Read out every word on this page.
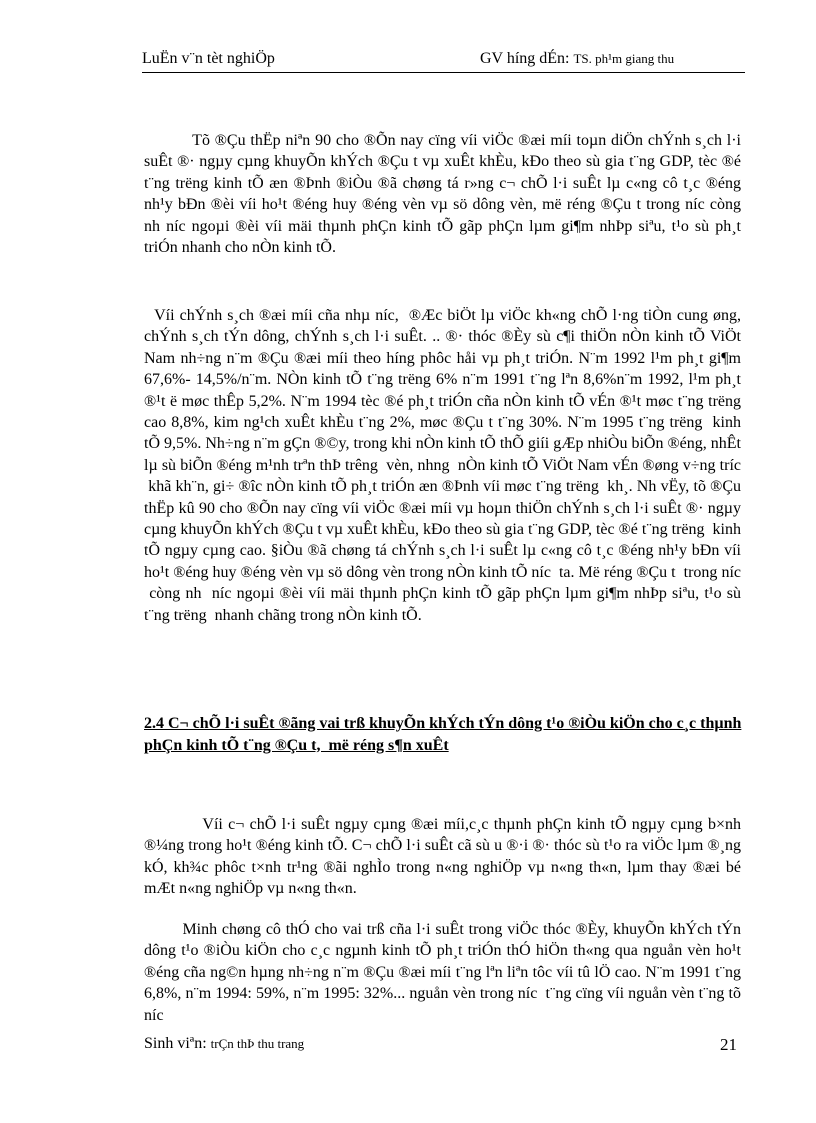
LuËn v¨n tèt nghiÖp	GV híng dÉn: TS. ph¹m giang thu

Tõ ®Çu thËp niªn 90 cho ®Õn nay cïng víi viÖc ®æi míi toµn diÖn chÝnh s¸ch l·i suÊt ®· ngµy cµng khuyÕn khÝch ®Çu t vµ xuÊt khÈu, kÐo theo sù gia t¨ng GDP, tèc ®é t¨ng trëng kinh tÕ æn ®Þnh ®iÒu ®ã chøng tá r»ng c¬ chÕ l·i suÊt lµ c«ng cô t¸c ®éng nh¹y bÐn ®èi víi ho¹t ®éng huy ®éng vèn vµ sö dông vèn, më réng ®Çu t trong níc còng nh níc ngoµi ®èi víi mäi thµnh phÇn kinh tÕ gãp phÇn lµm gi¶m nhÞp siªu, t¹o sù ph¸t triÓn nhanh cho nÒn kinh tÕ.

Víi chÝnh s¸ch ®æi míi cña nhµ níc,  ®Æc biÖt lµ viÖc kh«ng chÕ l·ng tiÒn cung øng, chÝnh s¸ch tÝn dông, chÝnh s¸ch l·i suÊt. .. ®· thóc ®Èy sù c¶i thiÖn nÒn kinh tÕ ViÖt Nam nh÷ng n¨m ®Çu ®æi míi theo híng phôc håi vµ ph¸t triÓn. N¨m 1992 l¹m ph¸t gi¶m 67,6%- 14,5%/n¨m. NÒn kinh tÕ t¨ng trëng 6% n¨m 1991 t¨ng lªn 8,6%n¨m 1992, l¹m ph¸t ®¹t ë møc thÊp 5,2%. N¨m 1994 tèc ®é ph¸t triÓn cña nÒn kinh tÕ vÉn ®¹t møc t¨ng trëng cao 8,8%, kim ng¹ch xuÊt khÈu t¨ng 2%, møc ®Çu t t¨ng 30%. N¨m 1995 t¨ng trëng  kinh tÕ 9,5%. Nh÷ng n¨m gÇn ®©y, trong khi nÒn kinh tÕ thÕ giíi gÆp nhiÒu biÕn ®éng, nhÊt lµ sù biÕn ®éng m¹nh trªn thÞ trêng  vèn, nhng  nÒn kinh tÕ ViÖt Nam vÉn ®øng v÷ng tríc  khã kh¨n, gi÷ ®îc nÒn kinh tÕ ph¸t triÓn æn ®Þnh víi møc t¨ng trëng  kh¸. Nh vËy, tõ ®Çu thËp kû 90 cho ®Õn nay cïng víi viÖc ®æi míi vµ hoµn thiÖn chÝnh s¸ch l·i suÊt ®· ngµy cµng khuyÕn khÝch ®Çu t vµ xuÊt khÈu, kÐo theo sù gia t¨ng GDP, tèc ®é t¨ng trëng  kinh tÕ ngµy cµng cao. §iÒu ®ã chøng tá chÝnh s¸ch l·i suÊt lµ c«ng cô t¸c ®éng nh¹y bÐn víi ho¹t ®éng huy ®éng vèn vµ sö dông vèn trong nÒn kinh tÕ níc  ta. Më réng ®Çu t  trong níc  còng nh  níc ngoµi ®èi víi mäi thµnh phÇn kinh tÕ gãp phÇn lµm gi¶m nhÞp siªu, t¹o sù t¨ng trëng  nhanh chãng trong nÒn kinh tÕ.

2.4 C¬ chÕ l·i suÊt ®ãng vai trß khuyÕn khÝch tÝn dông t¹o ®iÒu kiÖn cho c¸c thµnh phÇn kinh tÕ t¨ng ®Çu t,  më réng s¶n xuÊt

Víi c¬ chÕ l·i suÊt ngµy cµng ®æi míi,c¸c thµnh phÇn kinh tÕ ngµy cµng b×nh ®¼ng trong ho¹t ®éng kinh tÕ. C¬ chÕ l·i suÊt cã sù u ®·i ®· thóc sù t¹o ra viÖc lµm ®¸ng kÓ, kh¾c phôc t×nh tr¹ng ®ãi nghÌo trong n«ng nghiÖp vµ n«ng th«n, lµm thay ®æi bé mÆt n«ng nghiÖp vµ n«ng th«n.

Minh chøng cô thÓ cho vai trß cña l·i suÊt trong viÖc thóc ®Èy, khuyÕn khÝch tÝn dông t¹o ®iÒu kiÖn cho c¸c ngµnh kinh tÕ ph¸t triÓn thÓ hiÖn th«ng qua nguån vèn ho¹t ®éng cña ng©n hµng nh÷ng n¨m ®Çu ®æi míi t¨ng lªn liªn tôc víi tû lÖ cao. N¨m 1991 t¨ng 6,8%, n¨m 1994: 59%, n¨m 1995: 32%... nguån vèn trong níc  t¨ng cïng víi nguån vèn t¨ng tõ níc

Sinh viªn: trÇn thÞ thu trang	21
